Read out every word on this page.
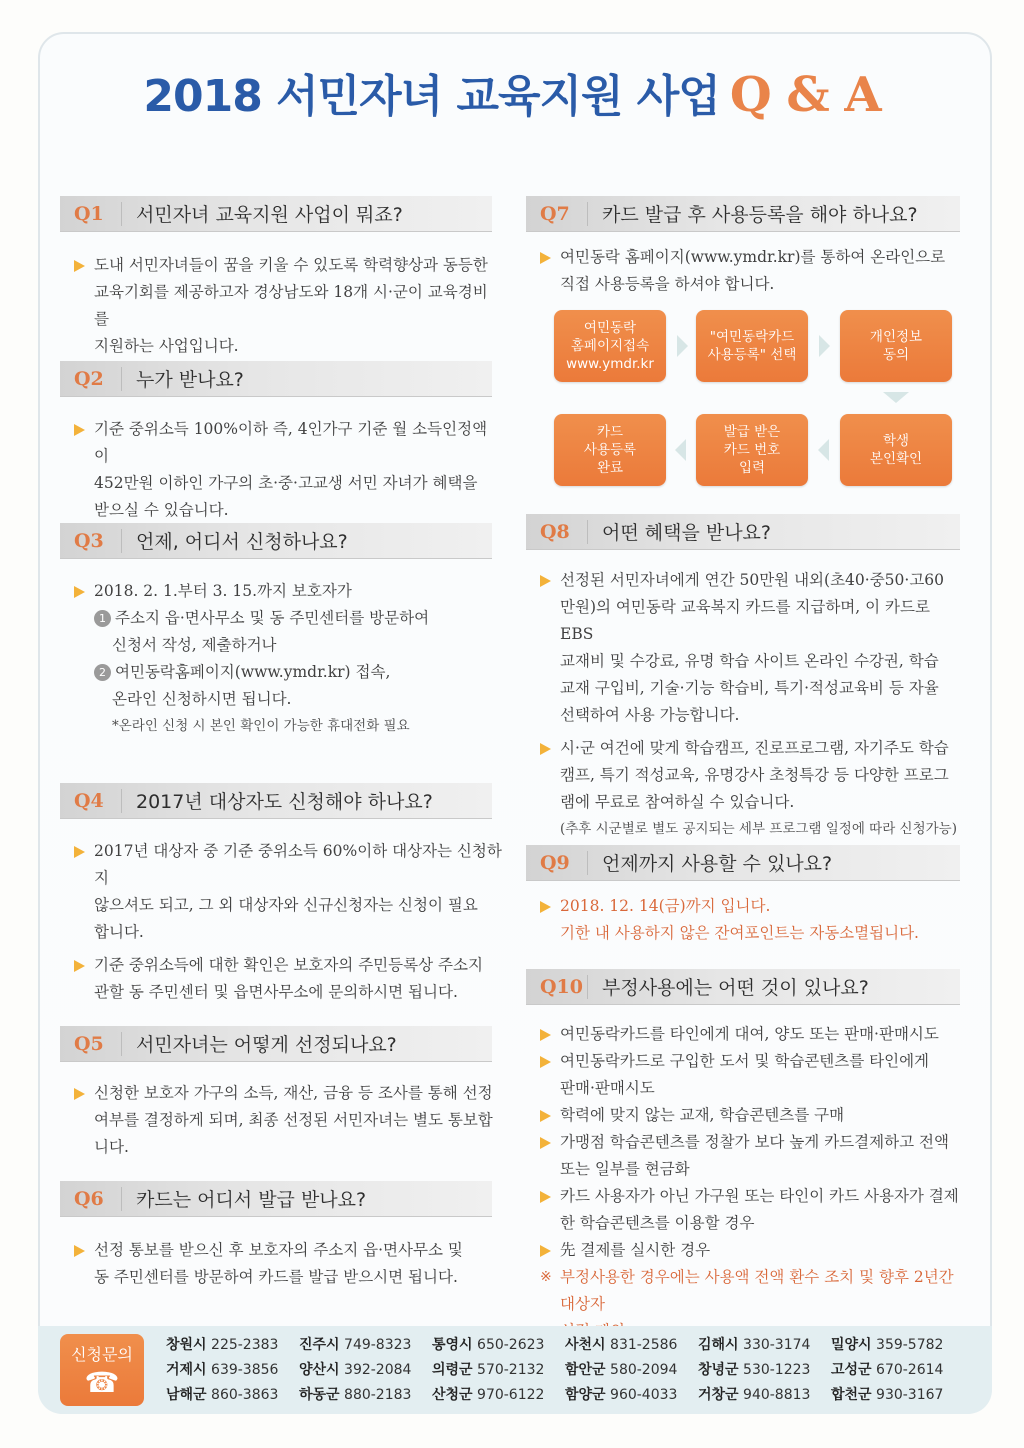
2018 서민자녀 교육지원 사업 Q & A
Q1	서민자녀 교육지원 사업이 뭐죠?
도내 서민자녀들이 꿈을 키울 수 있도록 학력향상과 동등한
교육기회를 제공하고자 경상남도와 18개 시·군이 교육경비를
지원하는 사업입니다.
Q2	누가 받나요?
기준 중위소득 100%이하 즉, 4인가구 기준 월 소득인정액이
452만원 이하인 가구의 초·중·고교생 서민 자녀가 혜택을
받으실 수 있습니다.
Q3	언제, 어디서 신청하나요?
2018. 2. 1.부터 3. 15.까지 보호자가
1 주소지 읍·면사무소 및 동 주민센터를 방문하여
신청서 작성, 제출하거나
2 여민동락홈페이지(www.ymdr.kr) 접속,
온라인 신청하시면 됩니다.
*온라인 신청 시 본인 확인이 가능한 휴대전화 필요
Q4	2017년 대상자도 신청해야 하나요?
2017년 대상자 중 기준 중위소득 60%이하 대상자는 신청하지
않으셔도 되고, 그 외 대상자와 신규신청자는 신청이 필요
합니다.
기준 중위소득에 대한 확인은 보호자의 주민등록상 주소지
관할 동 주민센터 및 읍면사무소에 문의하시면 됩니다.
Q5	서민자녀는 어떻게 선정되나요?
신청한 보호자 가구의 소득, 재산, 금융 등 조사를 통해 선정
여부를 결정하게 되며, 최종 선정된 서민자녀는 별도 통보합니다.
Q6	카드는 어디서 발급 받나요?
선정 통보를 받으신 후 보호자의 주소지 읍·면사무소 및
동 주민센터를 방문하여 카드를 발급 받으시면 됩니다.
Q7	카드 발급 후 사용등록을 해야 하나요?
여민동락 홈페이지(www.ymdr.kr)를 통하여 온라인으로
직접 사용등록을 하셔야 합니다.
여민동락
홈페이지접속
www.ymdr.kr
"여민동락카드
사용등록" 선택
개인정보
동의
학생
본인확인
발급 받은
카드 번호
입력
카드
사용등록
완료
Q8	어떤 혜택을 받나요?
선정된 서민자녀에게 연간 50만원 내외(초40·중50·고60
만원)의 여민동락 교육복지 카드를 지급하며, 이 카드로 EBS
교재비 및 수강료, 유명 학습 사이트 온라인 수강권, 학습
교재 구입비, 기술·기능 학습비, 특기·적성교육비 등 자율
선택하여 사용 가능합니다.
시·군 여건에 맞게 학습캠프, 진로프로그램, 자기주도 학습
캠프, 특기 적성교육, 유명강사 초청특강 등 다양한 프로그
램에 무료로 참여하실 수 있습니다.
(추후 시군별로 별도 공지되는 세부 프로그램 일정에 따라 신청가능)
Q9	언제까지 사용할 수 있나요?
2018. 12. 14(금)까지 입니다.
기한 내 사용하지 않은 잔여포인트는 자동소멸됩니다.
Q10	부정사용에는 어떤 것이 있나요?
여민동락카드를 타인에게 대여, 양도 또는 판매·판매시도
여민동락카드로 구입한 도서 및 학습콘텐츠를 타인에게
판매·판매시도
학력에 맞지 않는 교재, 학습콘텐츠를 구매
가맹점 학습콘텐츠를 정찰가 보다 높게 카드결제하고 전액
또는 일부를 현금화
카드 사용자가 아닌 가구원 또는 타인이 카드 사용자가 결제
한 학습콘텐츠를 이용할 경우
先 결제를 실시한 경우
※ 부정사용한 경우에는 사용액 전액 환수 조치 및 향후 2년간 대상자
신청문의
☎
창원시 225-2383	진주시 749-8323	통영시 650-2623	사천시 831-2586	김해시 330-3174	밀양시 359-5782
거제시 639-3856	양산시 392-2084	의령군 570-2132	함안군 580-2094	창녕군 530-1223	고성군 670-2614
남해군 860-3863	하동군 880-2183	산청군 970-6122	함양군 960-4033	거창군 940-8813	합천군 930-3167
